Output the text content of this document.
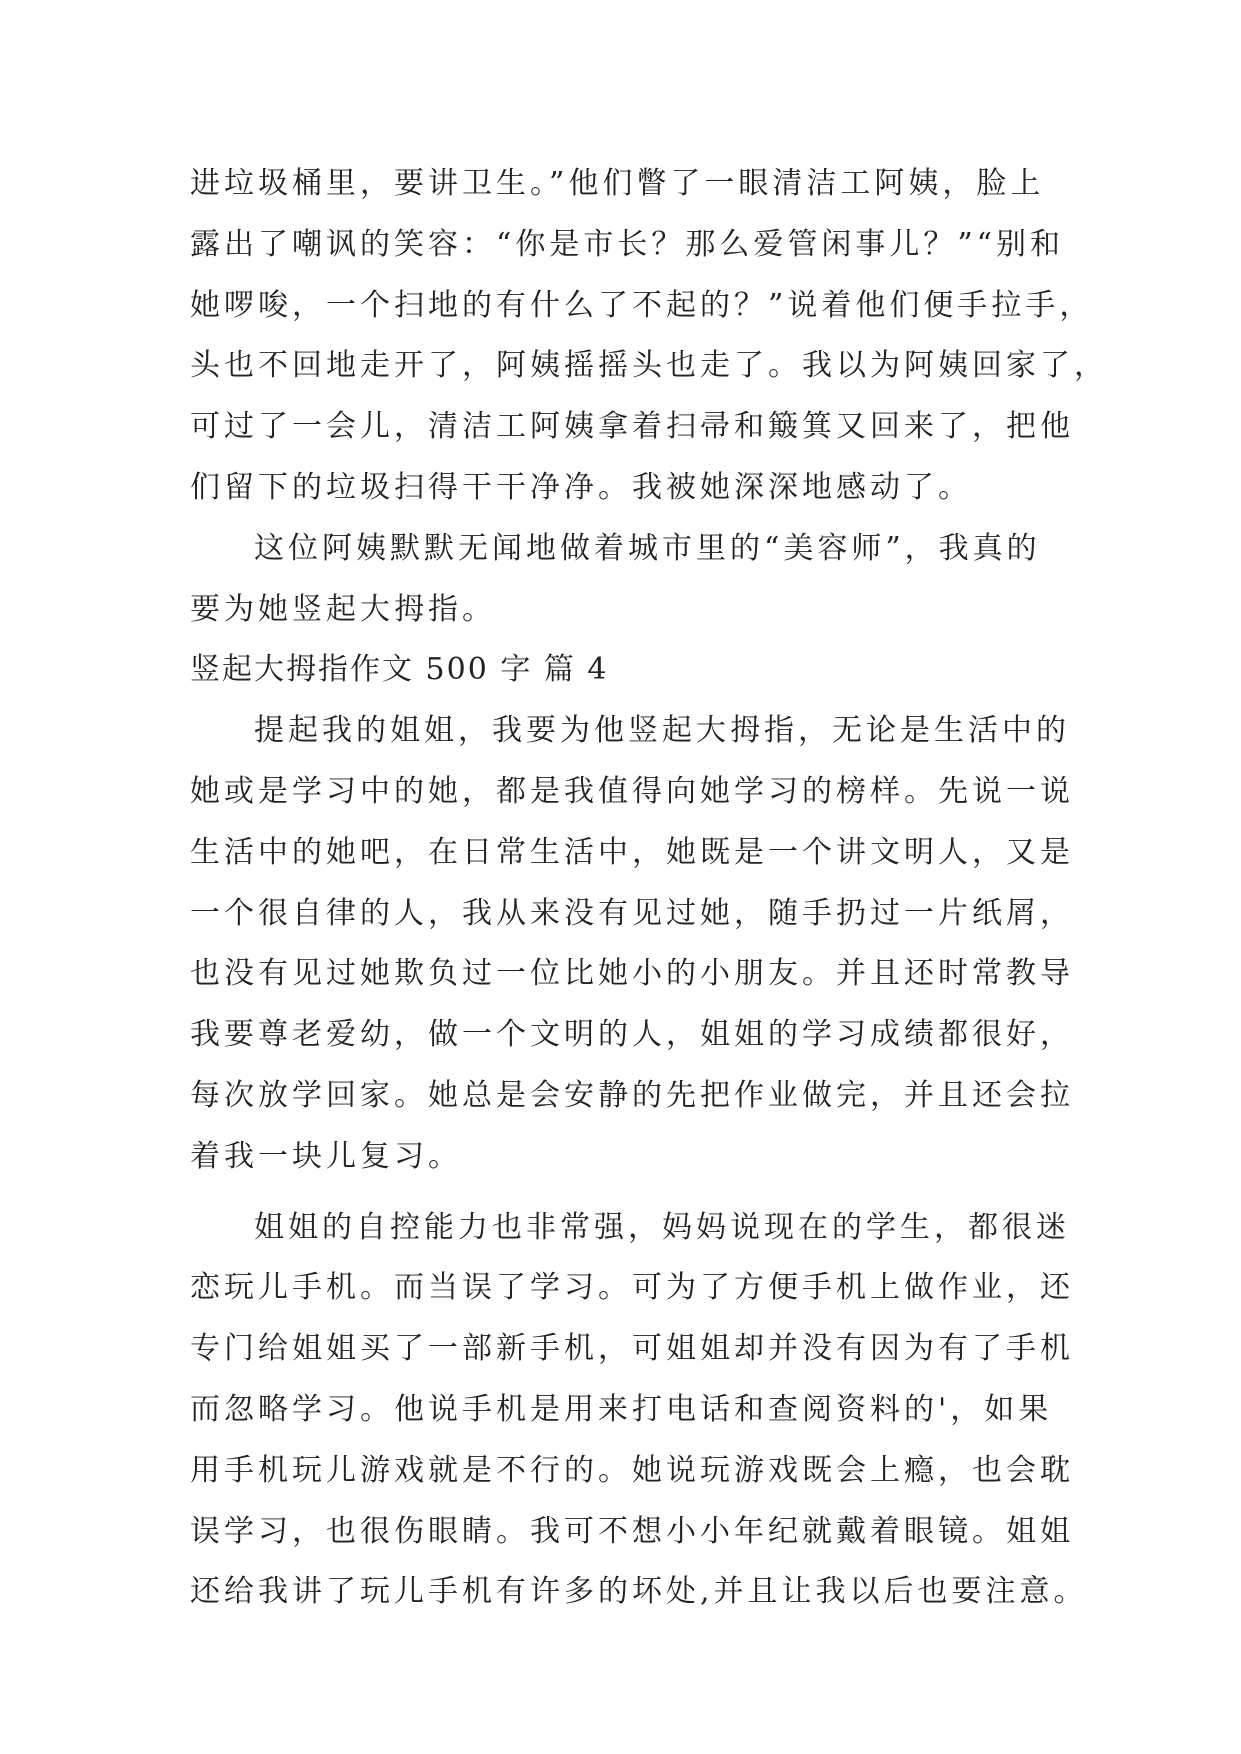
进垃圾桶里，要讲卫生。”他们瞥了一眼清洁工阿姨，脸上

露出了嘲讽的笑容：“你是市长？那么爱管闲事儿？”“别和

她啰唆，一个扫地的有什么了不起的？”说着他们便手拉手，

头也不回地走开了，阿姨摇摇头也走了。我以为阿姨回家了，

可过了一会儿，清洁工阿姨拿着扫帚和簸箕又回来了，把他

们留下的垃圾扫得干干净净。我被她深深地感动了。

这位阿姨默默无闻地做着城市里的“美容师”，我真的

要为她竖起大拇指。

竖起大拇指作文 500 字 篇 4

提起我的姐姐，我要为他竖起大拇指，无论是生活中的

她或是学习中的她，都是我值得向她学习的榜样。先说一说

生活中的她吧，在日常生活中，她既是一个讲文明人，又是

一个很自律的人，我从来没有见过她，随手扔过一片纸屑，

也没有见过她欺负过一位比她小的小朋友。并且还时常教导

我要尊老爱幼，做一个文明的人，姐姐的学习成绩都很好，

每次放学回家。她总是会安静的先把作业做完，并且还会拉

着我一块儿复习。

姐姐的自控能力也非常强，妈妈说现在的学生，都很迷

恋玩儿手机。而当误了学习。可为了方便手机上做作业，还

专门给姐姐买了一部新手机，可姐姐却并没有因为有了手机

而忽略学习。他说手机是用来打电话和查阅资料的'，如果

用手机玩儿游戏就是不行的。她说玩游戏既会上瘾，也会耽

误学习，也很伤眼睛。我可不想小小年纪就戴着眼镜。姐姐

还给我讲了玩儿手机有许多的坏处,并且让我以后也要注意。
